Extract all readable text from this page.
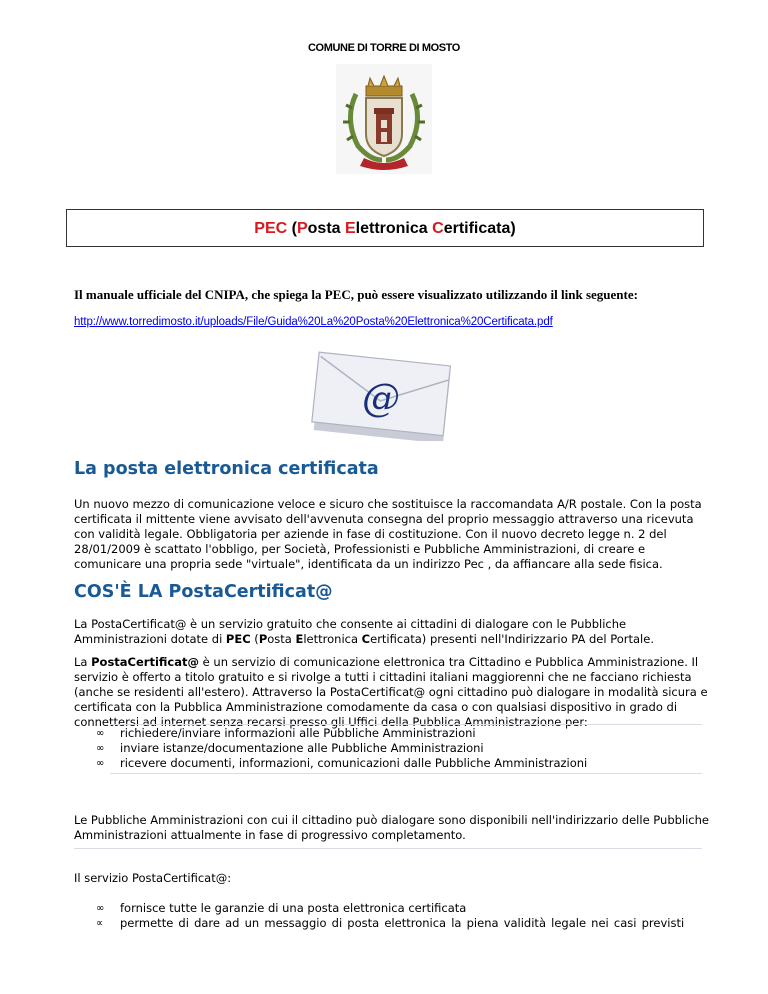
COMUNE DI TORRE DI MOSTO
PEC (Posta Elettronica Certificata)
Il manuale ufficiale del CNIPA, che spiega la PEC, può essere visualizzato utilizzando il link seguente:
http://www.torredimosto.it/uploads/File/Guida%20La%20Posta%20Elettronica%20Certificata.pdf
@
La posta elettronica certificata

Un nuovo mezzo di comunicazione veloce e sicuro che sostituisce la raccomandata A/R postale. Con la posta certificata il mittente viene avvisato dell'avvenuta consegna del proprio messaggio attraverso una ricevuta con validità legale. Obbligatoria per aziende in fase di costituzione. Con il nuovo decreto legge n. 2 del 28/01/2009 è scattato l'obbligo, per Società, Professionisti e Pubbliche Amministrazioni, di creare e comunicare una propria sede "virtuale", identificata da un indirizzo Pec , da affiancare alla sede fisica.

COS'È LA PostaCertificat@

La PostaCertificat@ è un servizio gratuito che consente ai cittadini di dialogare con le Pubbliche Amministrazioni dotate di PEC (Posta Elettronica Certificata) presenti nell'Indirizzario PA del Portale.

La PostaCertificat@ è un servizio di comunicazione elettronica tra Cittadino e Pubblica Amministrazione. Il servizio è offerto a titolo gratuito e si rivolge a tutti i cittadini italiani maggiorenni che ne facciano richiesta (anche se residenti all'estero). Attraverso la PostaCertificat@ ogni cittadino può dialogare in modalità sicura e certificata con la Pubblica Amministrazione comodamente da casa o con qualsiasi dispositivo in grado di connettersi ad internet senza recarsi presso gli Uffici della Pubblica Amministrazione per:

∞ richiedere/inviare informazioni alle Pubbliche Amministrazioni
∞ inviare istanze/documentazione alle Pubbliche Amministrazioni
∞ ricevere documenti, informazioni, comunicazioni dalle Pubbliche Amministrazioni

Le Pubbliche Amministrazioni con cui il cittadino può dialogare sono disponibili nell'indirizzario delle Pubbliche Amministrazioni attualmente in fase di progressivo completamento.

Il servizio PostaCertificat@:

∞ fornisce tutte le garanzie di una posta elettronica certificata
∝ permette di dare ad un messaggio di posta elettronica la piena validità legale nei casi previsti
